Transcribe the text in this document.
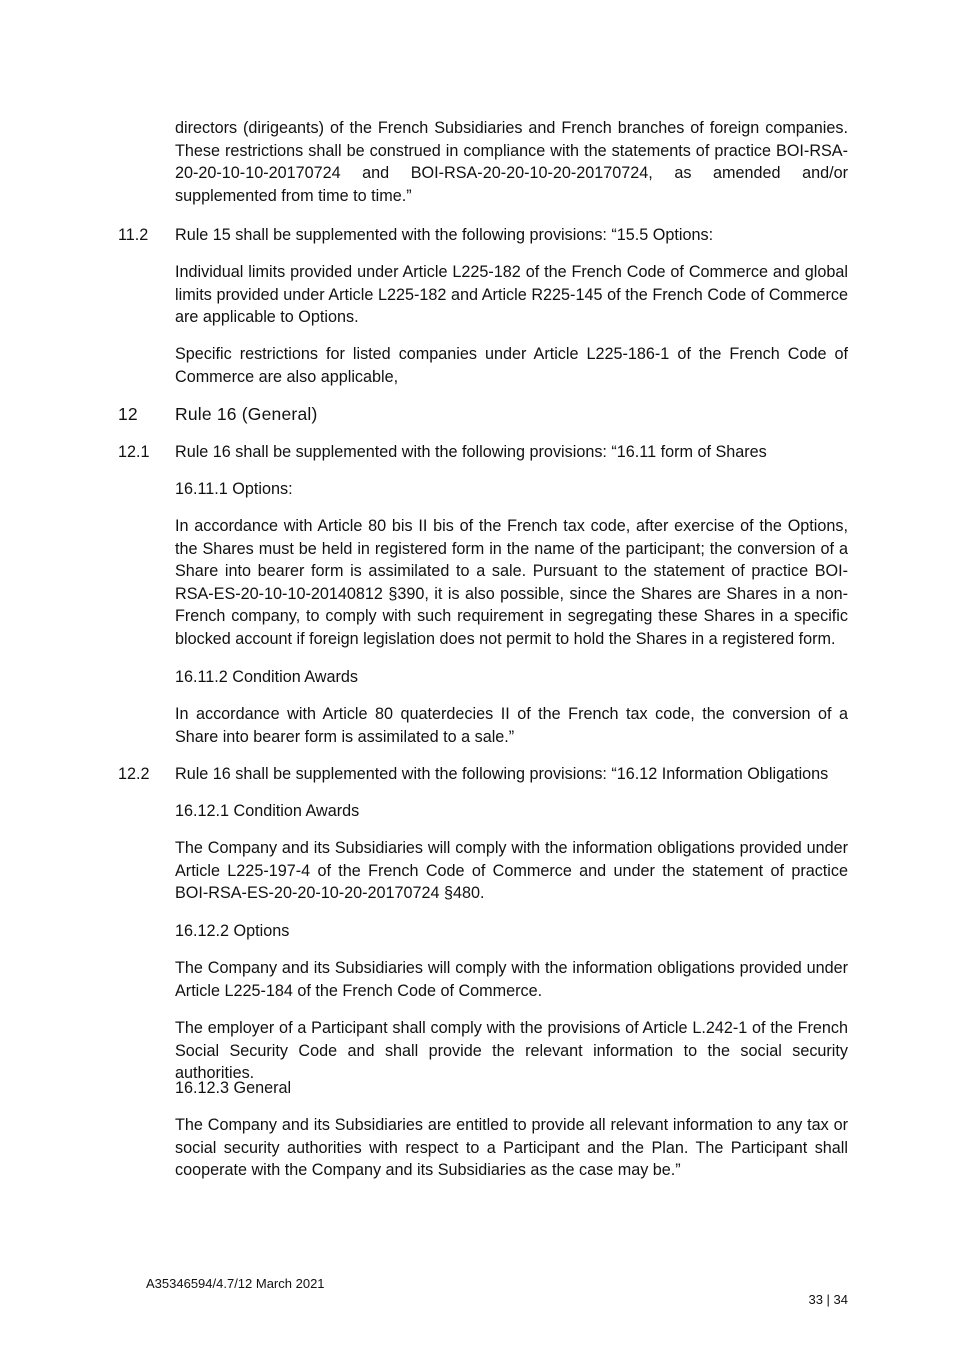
directors (dirigeants) of the French Subsidiaries and French branches of foreign companies. These restrictions shall be construed in compliance with the statements of practice BOI-RSA-20-20-10-10-20170724 and BOI-RSA-20-20-10-20-20170724, as amended and/or supplemented from time to time.”

11.2 Rule 15 shall be supplemented with the following provisions: “15.5 Options:

Individual limits provided under Article L225-182 of the French Code of Commerce and global limits provided under Article L225-182 and Article R225-145 of the French Code of Commerce are applicable to Options.

Specific restrictions for listed companies under Article L225-186-1 of the French Code of Commerce are also applicable,

12 Rule 16 (General)

12.1 Rule 16 shall be supplemented with the following provisions: “16.11 form of Shares

16.11.1 Options:

In accordance with Article 80 bis II bis of the French tax code, after exercise of the Options, the Shares must be held in registered form in the name of the participant; the conversion of a Share into bearer form is assimilated to a sale. Pursuant to the statement of practice BOI-RSA-ES-20-10-10-20140812 §390, it is also possible, since the Shares are Shares in a non-French company, to comply with such requirement in segregating these Shares in a specific blocked account if foreign legislation does not permit to hold the Shares in a registered form.

16.11.2 Condition Awards

In accordance with Article 80 quaterdecies II of the French tax code, the conversion of a Share into bearer form is assimilated to a sale.”

12.2 Rule 16 shall be supplemented with the following provisions: “16.12 Information Obligations

16.12.1 Condition Awards

The Company and its Subsidiaries will comply with the information obligations provided under Article L225-197-4 of the French Code of Commerce and under the statement of practice BOI-RSA-ES-20-20-10-20-20170724 §480.

16.12.2 Options

The Company and its Subsidiaries will comply with the information obligations provided under Article L225-184 of the French Code of Commerce.

The employer of a Participant shall comply with the provisions of Article L.242-1 of the French Social Security Code and shall provide the relevant information to the social security authorities.

16.12.3 General

The Company and its Subsidiaries are entitled to provide all relevant information to any tax or social security authorities with respect to a Participant and the Plan. The Participant shall cooperate with the Company and its Subsidiaries as the case may be.”

A35346594/4.7/12 March 2021
33 | 34
